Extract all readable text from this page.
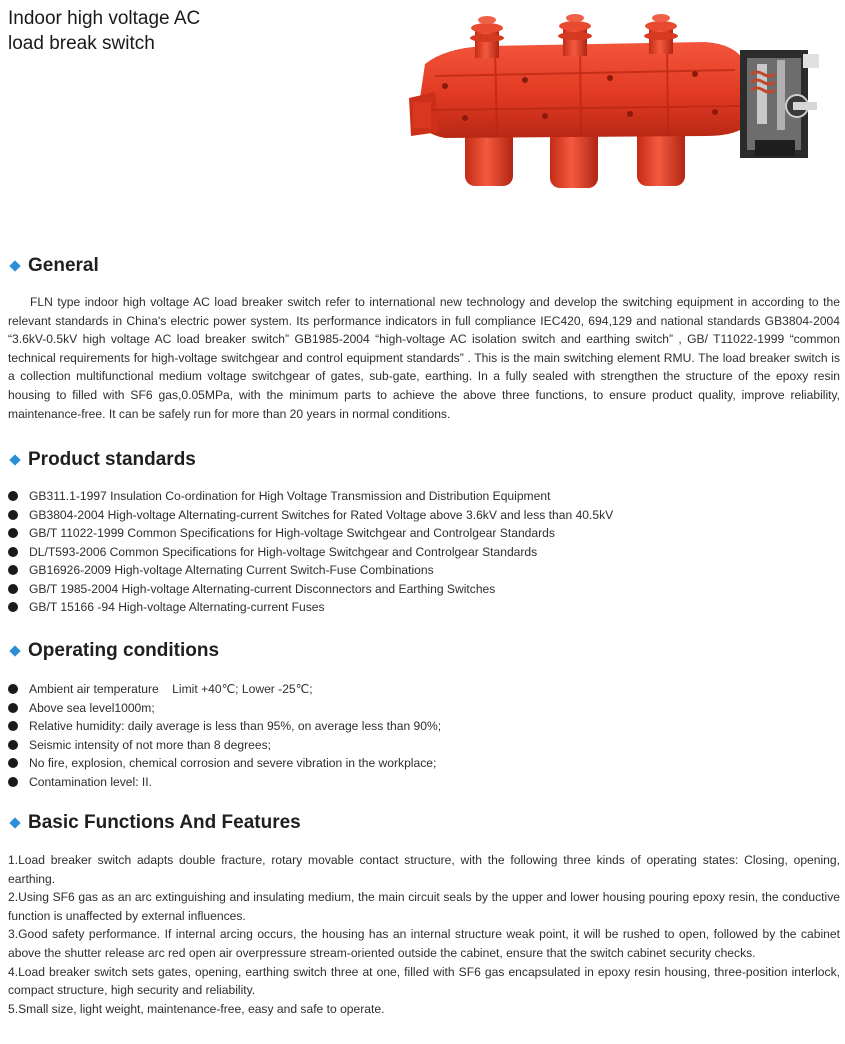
Indoor high voltage AC
load break switch
General

FLN type indoor high voltage AC load breaker switch refer to international new technology and develop the switching equipment in according to the relevant standards in China's electric power system. Its performance indicators in full compliance IEC420, 694,129 and national standards GB3804-2004 “3.6kV-0.5kV high voltage AC load breaker switch” GB1985-2004 “high-voltage AC isolation switch and earthing switch” , GB/ T11022-1999 “common technical requirements for high-voltage switchgear and control equipment standards” . This is the main switching element RMU. The load breaker switch is a collection multifunctional medium voltage switchgear of gates, sub-gate, earthing. In a fully sealed with strengthen the structure of the epoxy resin housing to filled with SF6 gas,0.05MPa, with the minimum parts to achieve the above three functions, to ensure product quality, improve reliability, maintenance-free. It can be safely run for more than 20 years in normal conditions.

Product standards
GB311.1-1997 Insulation Co-ordination for High Voltage Transmission and Distribution Equipment
GB3804-2004 High-voltage Alternating-current Switches for Rated Voltage above 3.6kV and less than 40.5kV
GB/T 11022-1999 Common Specifications for High-voltage Switchgear and Controlgear Standards
DL/T593-2006 Common Specifications for High-voltage Switchgear and Controlgear Standards
GB16926-2009 High-voltage Alternating Current Switch-Fuse Combinations
GB/T 1985-2004 High-voltage Alternating-current Disconnectors and Earthing Switches
GB/T 15166 -94 High-voltage Alternating-current Fuses
Operating conditions
Ambient air temperature    Limit +40℃; Lower -25℃;
Above sea level1000m;
Relative humidity: daily average is less than 95%, on average less than 90%;
Seismic intensity of not more than 8 degrees;
No fire, explosion, chemical corrosion and severe vibration in the workplace;
Contamination level: II.
Basic Functions And Features
1.Load breaker switch adapts double fracture, rotary movable contact structure, with the following three kinds of operating states: Closing, opening, earthing.
2.Using SF6 gas as an arc extinguishing and insulating medium, the main circuit seals by the upper and lower housing pouring epoxy resin, the conductive function is unaffected by external influences.
3.Good safety performance. If internal arcing occurs, the housing has an internal structure weak point, it will be rushed to open, followed by the cabinet above the shutter release arc red open air overpressure stream-oriented outside the cabinet, ensure that the switch cabinet security checks.
4.Load breaker switch sets gates, opening, earthing switch three at one, filled with SF6 gas encapsulated in epoxy resin housing, three-position interlock, compact structure, high security and reliability.
5.Small size, light weight, maintenance-free, easy and safe to operate.
